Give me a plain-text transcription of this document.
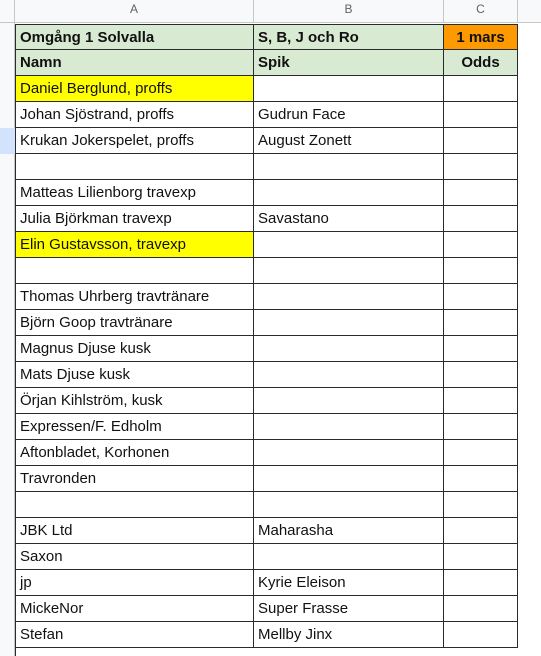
A	B	C
Omgång 1 Solvalla	S, B, J och Ro	1 mars
Namn	Spik	Odds
Daniel Berglund, proffs
Johan Sjöstrand, proffs	Gudrun Face
Krukan Jokerspelet, proffs	August Zonett
Matteas Lilienborg travexp
Julia Björkman travexp	Savastano
Elin Gustavsson, travexp
Thomas Uhrberg travtränare
Björn Goop travtränare
Magnus Djuse kusk
Mats Djuse kusk
Örjan Kihlström, kusk
Expressen/F. Edholm
Aftonbladet, Korhonen
Travronden
JBK Ltd	Maharasha
Saxon
jp	Kyrie Eleison
MickeNor	Super Frasse
Stefan	Mellby Jinx
